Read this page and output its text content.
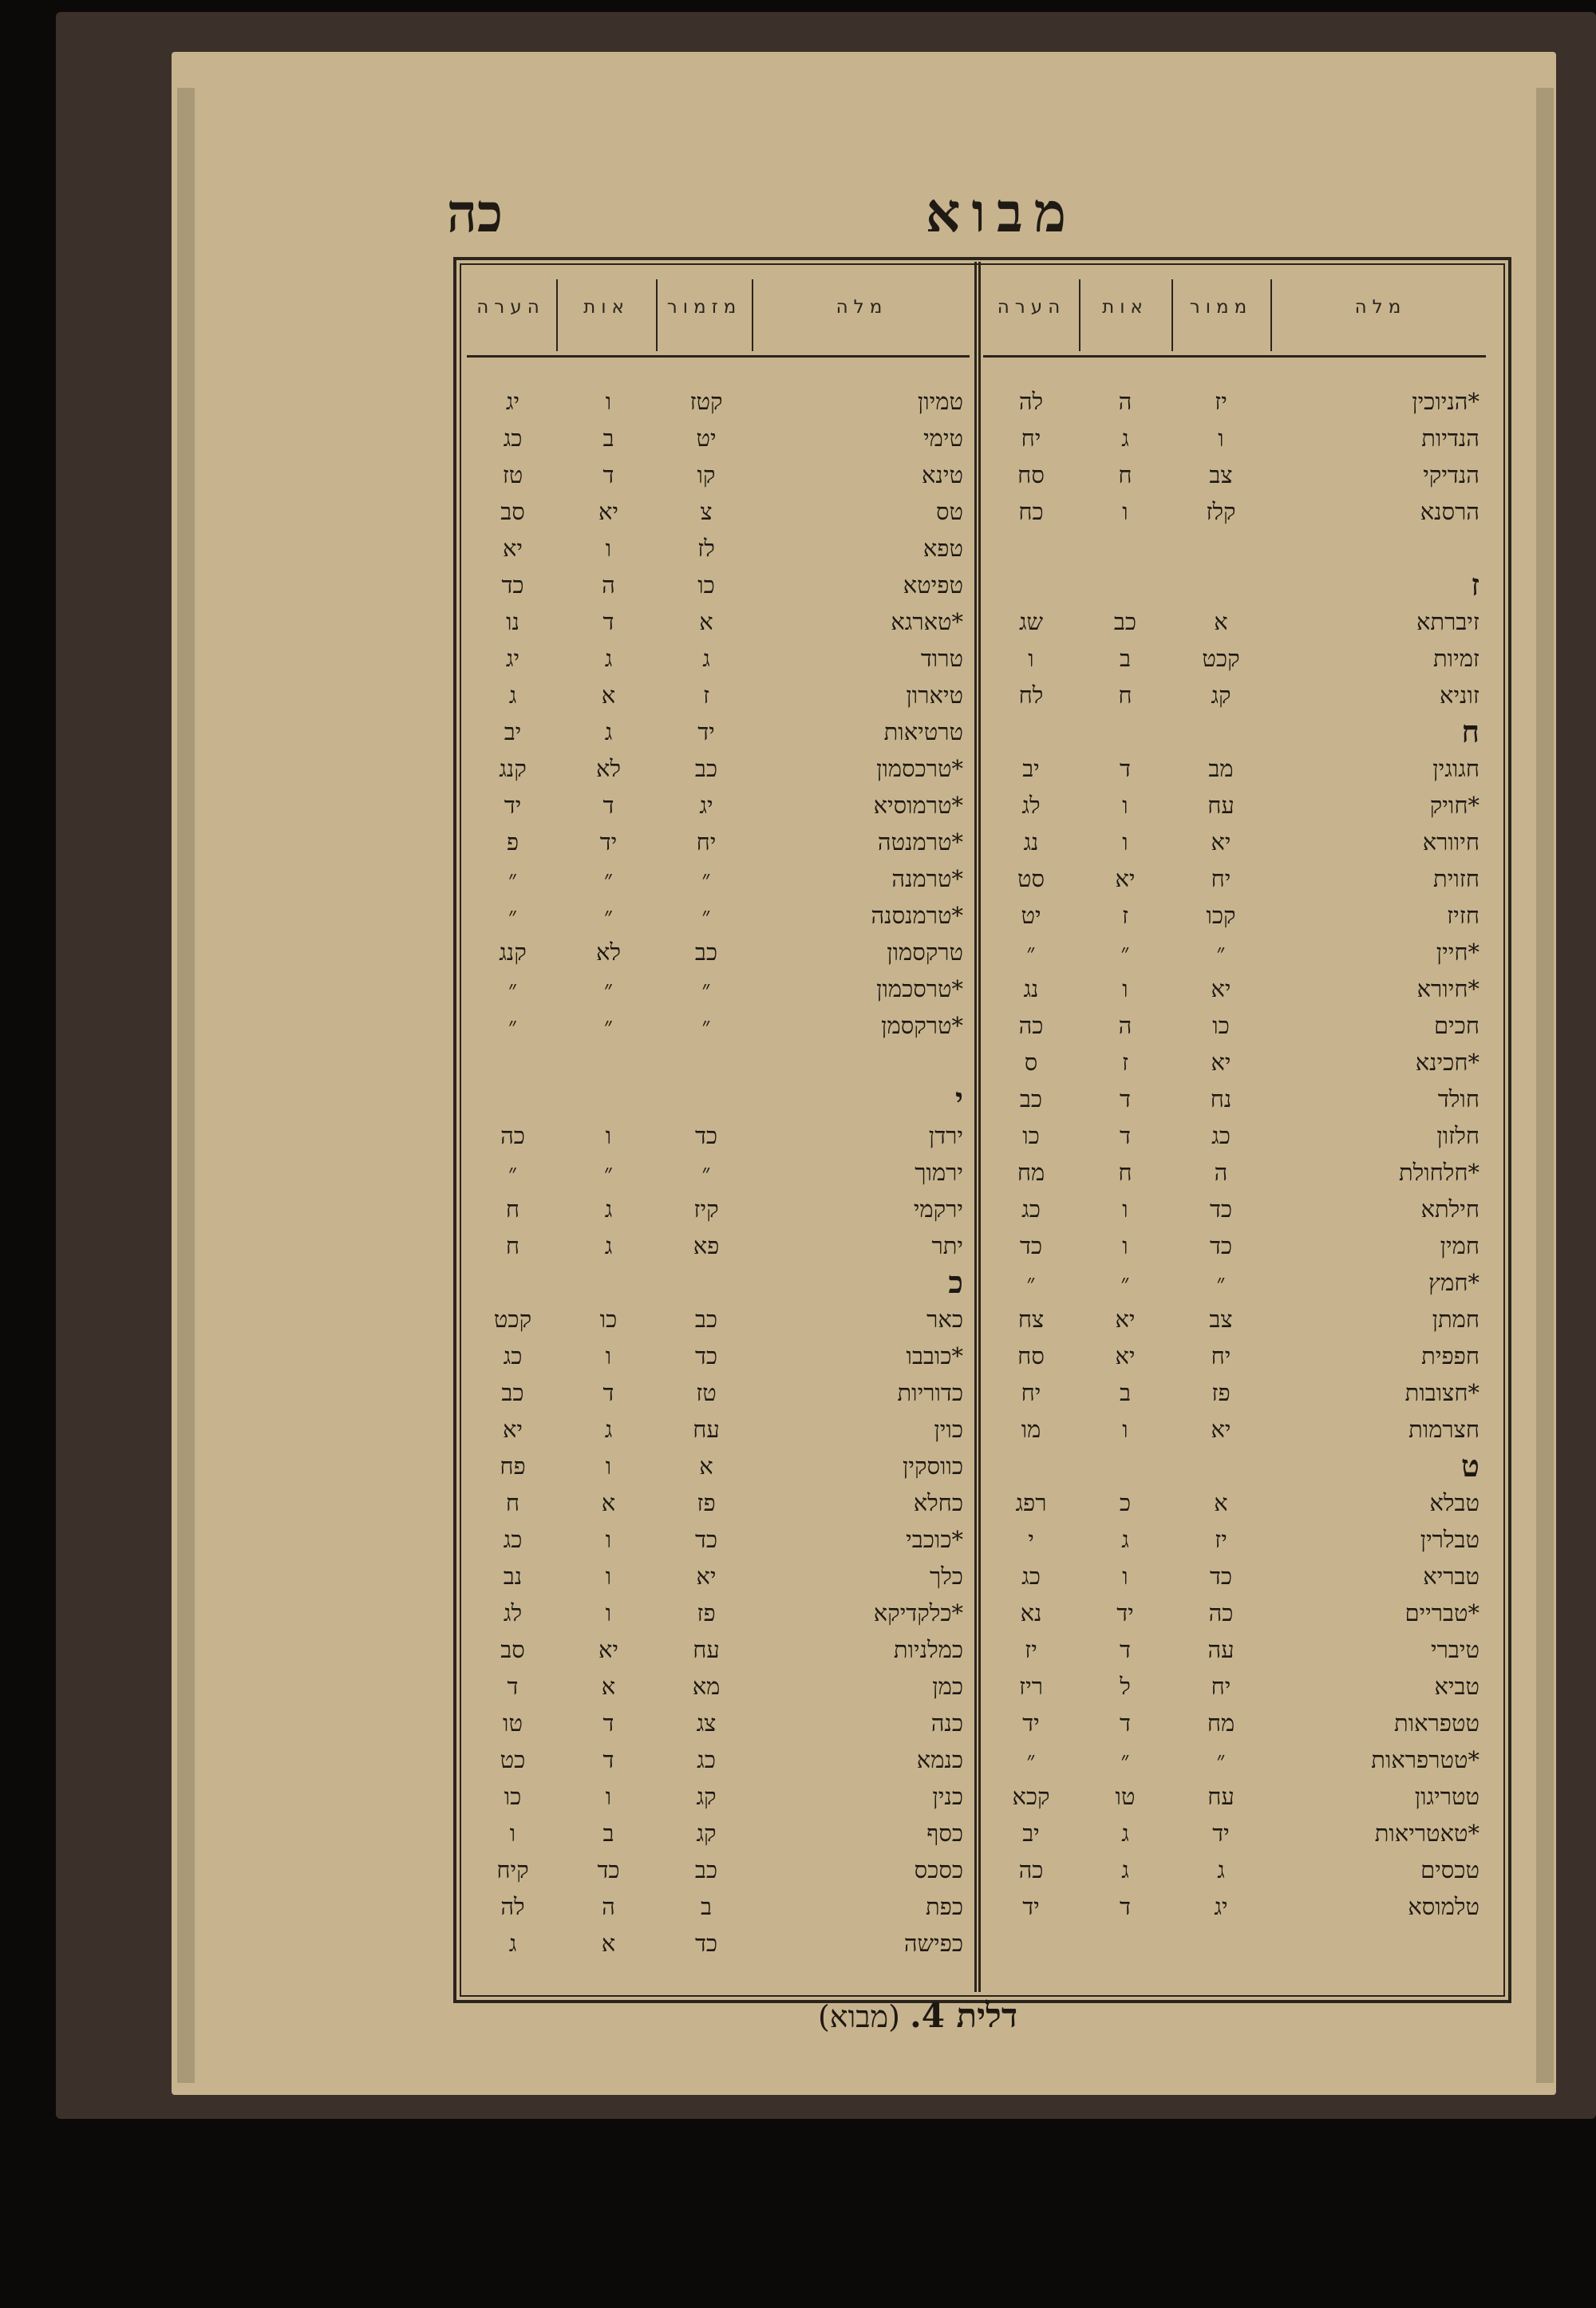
מבוא
כה
מלה
ממור
אות
הערה
מלה
מזמור
אות
הערה
*הניוכין
יז
ה
לה
הנדיות
ו
ג
יח
הנדיקי
צב
ח
סח
הרסנא
קלז
ו
כח
ז
זיברתא
א
כב
שג
זמיות
קכט
ב
ו
זוניא
קג
ח
לח
ח
חגוגין
מב
ד
יב
*חויק
עח
ו
לג
חיוורא
יא
ו
נג
חזוית
יח
יא
סט
חזיז
קכו
ז
יט
*חיין
״
״
״
*חיורא
יא
ו
נג
חכים
כו
ה
כה
*חכינא
יא
ז
ס
חולד
נח
ד
כב
חלזון
כג
ד
כו
*חלחולת
ה
ח
מח
חילתא
כד
ו
כג
חמין
כד
ו
כד
*חמץ
״
״
״
חמתן
צב
יא
צח
חפפית
יח
יא
סח
*חצובות
פז
ב
יח
חצרמות
יא
ו
מו
ט
טבלא
א
כ
רפג
טבלרין
יז
ג
י
טבריא
כד
ו
כג
*טבריים
כה
יד
נא
טיברי
עה
ד
יז
טביא
יח
ל
ריז
טטפראות
מח
ד
יד
*טטרפראות
״
״
״
טטריגון
עח
טו
קכא
*טאטריאות
יד
ג
יב
טכסים
ג
ג
כה
טלמוסא
יג
ד
יד
טמיון
קטז
ו
יג
טימי
יט
ב
כג
טינא
קו
ד
טז
טס
צ
יא
סב
טפא
לז
ו
יא
טפיטא
כו
ה
כד
*טארגא
א
ד
נו
טרוד
ג
ג
יג
טיארון
ז
א
ג
טרטיאות
יד
ג
יב
*טרכסמון
כב
לא
קנג
*טרמוסיא
יג
ד
יד
*טרמנטה
יח
יד
פ
*טרמנה
״
״
״
*טרמנסנה
״
״
״
טרקסמון
כב
לא
קנג
*טרסכמון
״
״
״
*טרקסמן
״
״
״
י
ירדן
כד
ו
כה
ירמוך
״
״
״
ירקמי
קיז
ג
ח
יתר
פא
ג
ח
כ
כאר
כב
כו
קכט
*כובבו
כד
ו
כג
כדוריות
טז
ד
כב
כוין
עח
ג
יא
כווסקין
א
ו
פח
כחלא
פז
א
ח
*כוכבי
כד
ו
כג
כלך
יא
ו
נב
*כלקדיקא
פז
ו
לג
כמלניות
עח
יא
סב
כמן
מא
א
ד
כנה
צג
ד
טו
כנמא
כג
ד
כט
כנין
קג
ו
כו
כסף
קג
ב
ו
כסכס
כב
כד
קיח
כפת
ב
ה
לה
כפישה
כד
א
ג
דלית 4. (מבוא)
